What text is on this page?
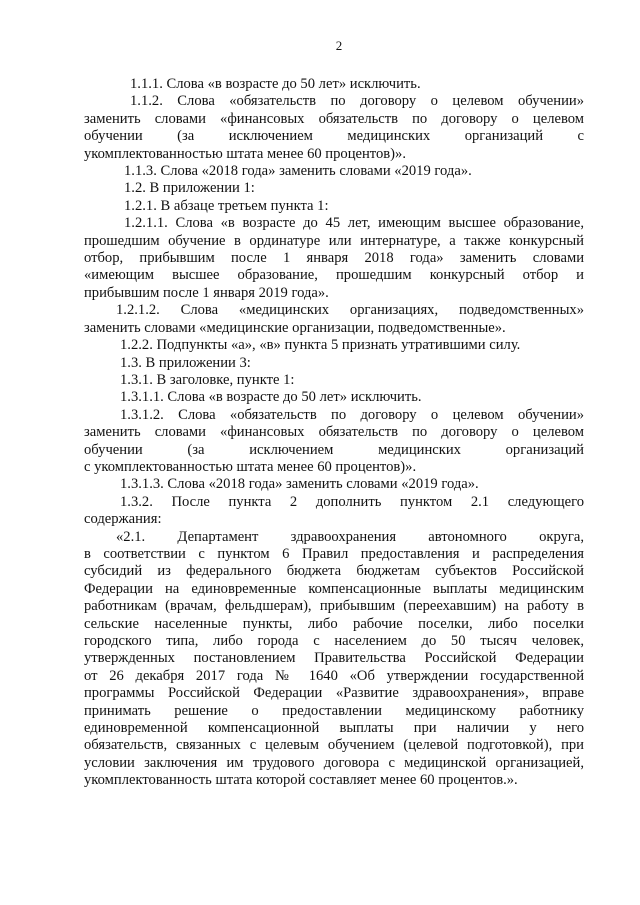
2
1.1.1. Слова «в возрасте до 50 лет» исключить.
1.1.2. Слова «обязательств по договору о целевом обучении»
заменить словами «финансовых обязательств по договору о целевом
обучении (за исключением медицинских организаций с
укомплектованностью штата менее 60 процентов)».
1.1.3. Слова «2018 года» заменить словами «2019 года».
1.2. В приложении 1:
1.2.1. В абзаце третьем пункта 1:
1.2.1.1. Слова «в возрасте до 45 лет, имеющим высшее образование,
прошедшим обучение в ординатуре или интернатуре, а также конкурсный
отбор, прибывшим после 1 января 2018 года» заменить словами
«имеющим высшее образование, прошедшим конкурсный отбор и
прибывшим после 1 января 2019 года».
1.2.1.2. Слова «медицинских организациях, подведомственных»
заменить словами «медицинские организации, подведомственные».
1.2.2. Подпункты «а», «в» пункта 5 признать утратившими силу.
1.3. В приложении 3:
1.3.1. В заголовке, пункте 1:
1.3.1.1. Слова «в возрасте до 50 лет» исключить.
1.3.1.2. Слова «обязательств по договору о целевом обучении»
заменить словами «финансовых обязательств по договору о целевом
обучении (за исключением медицинских организаций
с укомплектованностью штата менее 60 процентов)».
1.3.1.3. Слова «2018 года» заменить словами «2019 года».
1.3.2. После пункта 2 дополнить пунктом 2.1 следующего
содержания:
«2.1. Департамент здравоохранения автономного округа,
в соответствии с пунктом 6 Правил предоставления и распределения
субсидий из федерального бюджета бюджетам субъектов Российской
Федерации на единовременные компенсационные выплаты медицинским
работникам (врачам, фельдшерам), прибывшим (переехавшим) на работу в
сельские населенные пункты, либо рабочие поселки, либо поселки
городского типа, либо города с населением до 50 тысяч человек,
утвержденных постановлением Правительства Российской Федерации
от 26 декабря 2017 года № 1640 «Об утверждении государственной
программы Российской Федерации «Развитие здравоохранения», вправе
принимать решение о предоставлении медицинскому работнику
единовременной компенсационной выплаты при наличии у него
обязательств, связанных с целевым обучением (целевой подготовкой), при
условии заключения им трудового договора с медицинской организацией,
укомплектованность штата которой составляет менее 60 процентов.».
